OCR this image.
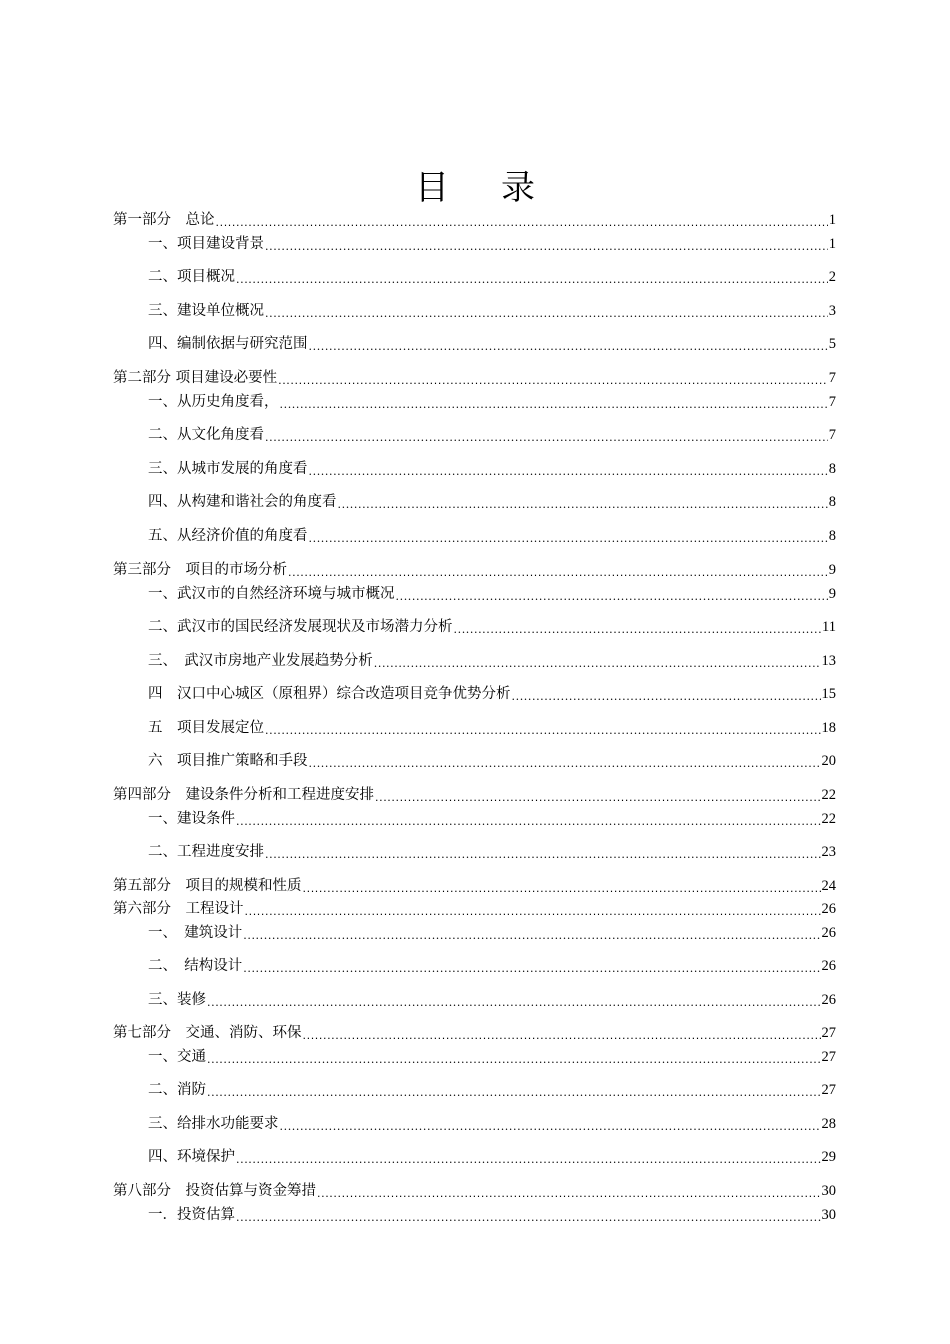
目 录
第一部分　总论 .....	1
一、项目建设背景 .....	1
二、项目概况 .....	2
三、建设单位概况 .....	3
四、编制依据与研究范围 .....	5
第二部分 项目建设必要性 .....	7
一、从历史角度看， .....	7
二、从文化角度看 .....	7
三、从城市发展的角度看 .....	8
四、从构建和谐社会的角度看 .....	8
五、从经济价值的角度看 .....	8
第三部分　项目的市场分析 .....	9
一、武汉市的自然经济环境与城市概况 .....	9
二、武汉市的国民经济发展现状及市场潜力分析 .....	11
三、　武汉市房地产业发展趋势分析 .....	13
四　汉口中心城区（原租界）综合改造项目竞争优势分析 .....	15
五　项目发展定位 .....	18
六　项目推广策略和手段 .....	20
第四部分　建设条件分析和工程进度安排 .....	22
一、建设条件 .....	22
二、工程进度安排 .....	23
第五部分　项目的规模和性质 .....	24
第六部分　工程设计 .....	26
一、　建筑设计 .....	26
二、　结构设计 .....	26
三、装修 .....	26
第七部分　交通、消防、环保 .....	27
一、交通 .....	27
二、消防 .....	27
三、给排水功能要求 .....	28
四、环境保护 .....	29
第八部分　投资估算与资金筹措 .....	30
一．投资估算 .....	30
